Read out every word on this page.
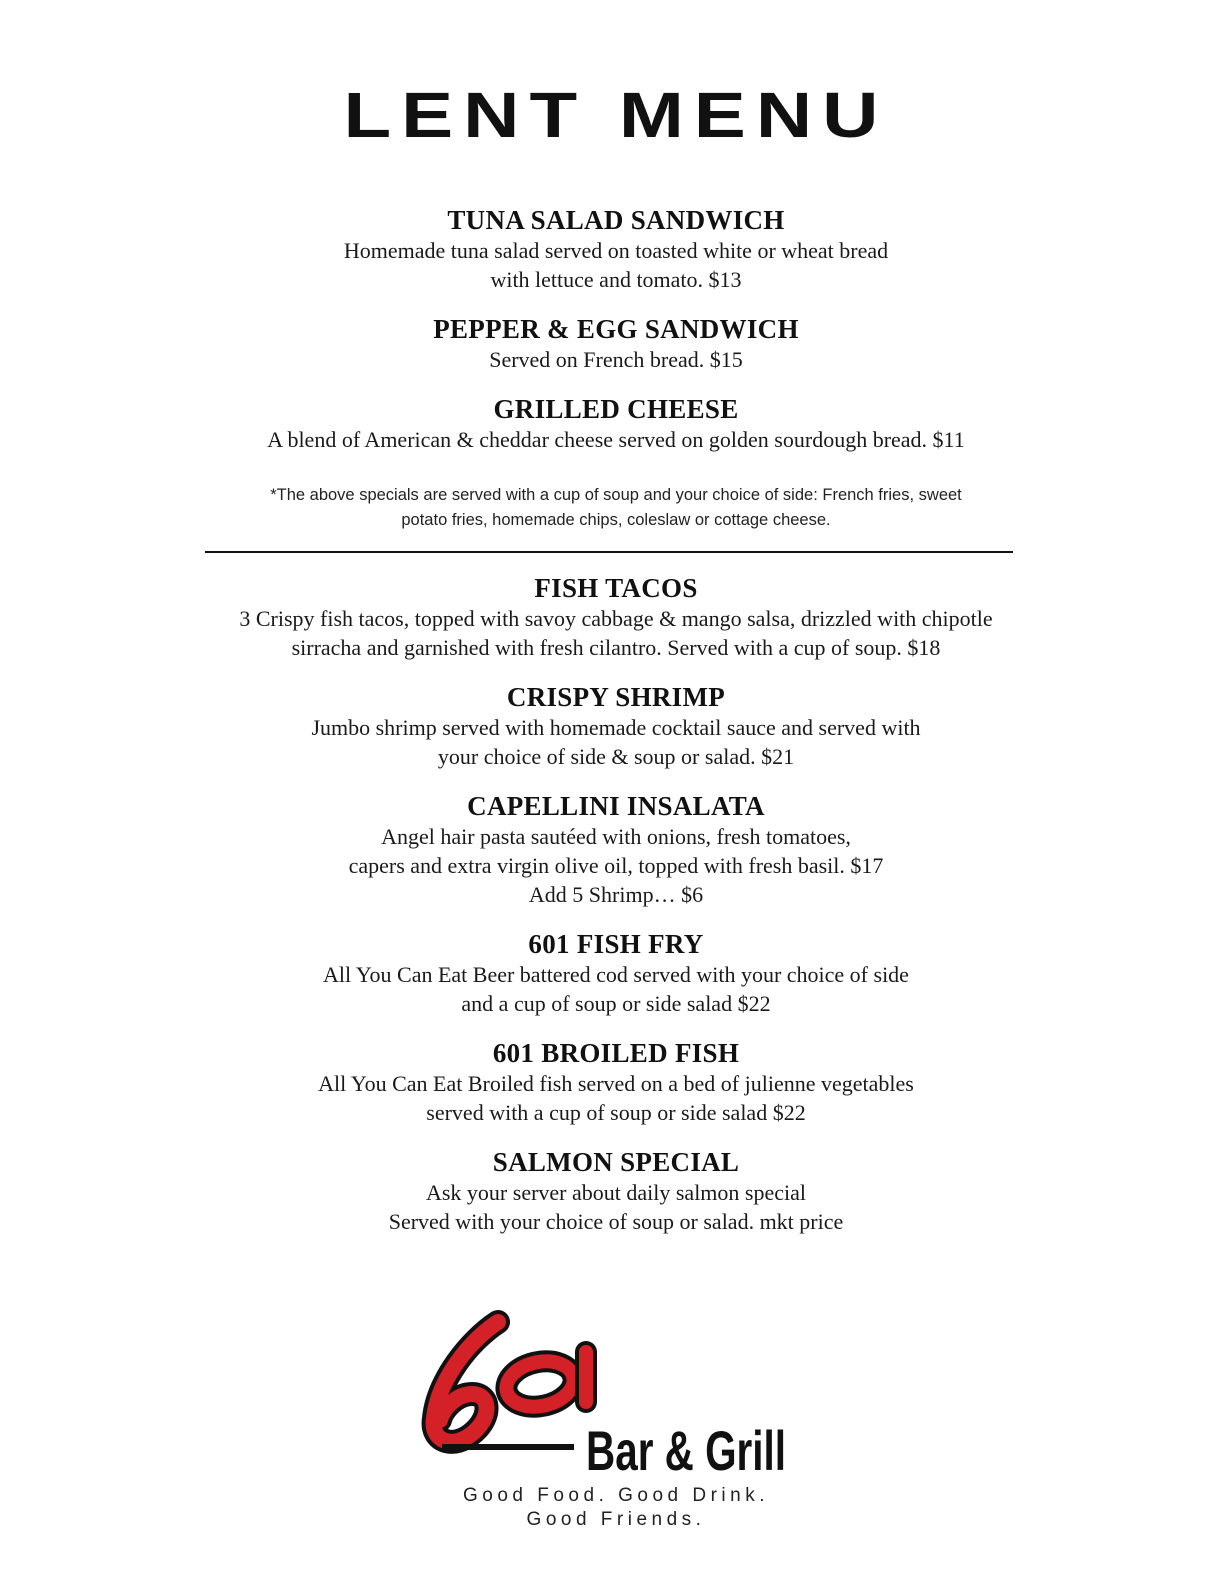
LENT MENU
TUNA SALAD SANDWICH
Homemade tuna salad served on toasted white or wheat bread
with lettuce and tomato. $13
PEPPER & EGG SANDWICH
Served on French bread. $15
GRILLED CHEESE
A blend of American & cheddar cheese served on golden sourdough bread. $11
*The above specials are served with a cup of soup and your choice of side: French fries, sweet
potato fries, homemade chips, coleslaw or cottage cheese.
FISH TACOS
3 Crispy fish tacos, topped with savoy cabbage & mango salsa, drizzled with chipotle
sirracha and garnished with fresh cilantro. Served with a cup of soup. $18
CRISPY SHRIMP
Jumbo shrimp served with homemade cocktail sauce and served with
your choice of side & soup or salad. $21
CAPELLINI INSALATA
Angel hair pasta sautéed with onions, fresh tomatoes,
capers and extra virgin olive oil, topped with fresh basil. $17
Add 5 Shrimp… $6
601 FISH FRY
All You Can Eat Beer battered cod served with your choice of side
and a cup of soup or side salad $22
601 BROILED FISH
All You Can Eat Broiled fish served on a bed of julienne vegetables
served with a cup of soup or side salad $22
SALMON SPECIAL
Ask your server about daily salmon special
Served with your choice of soup or salad. mkt price
Bar & Grill
Good Food. Good Drink.
Good Friends.
